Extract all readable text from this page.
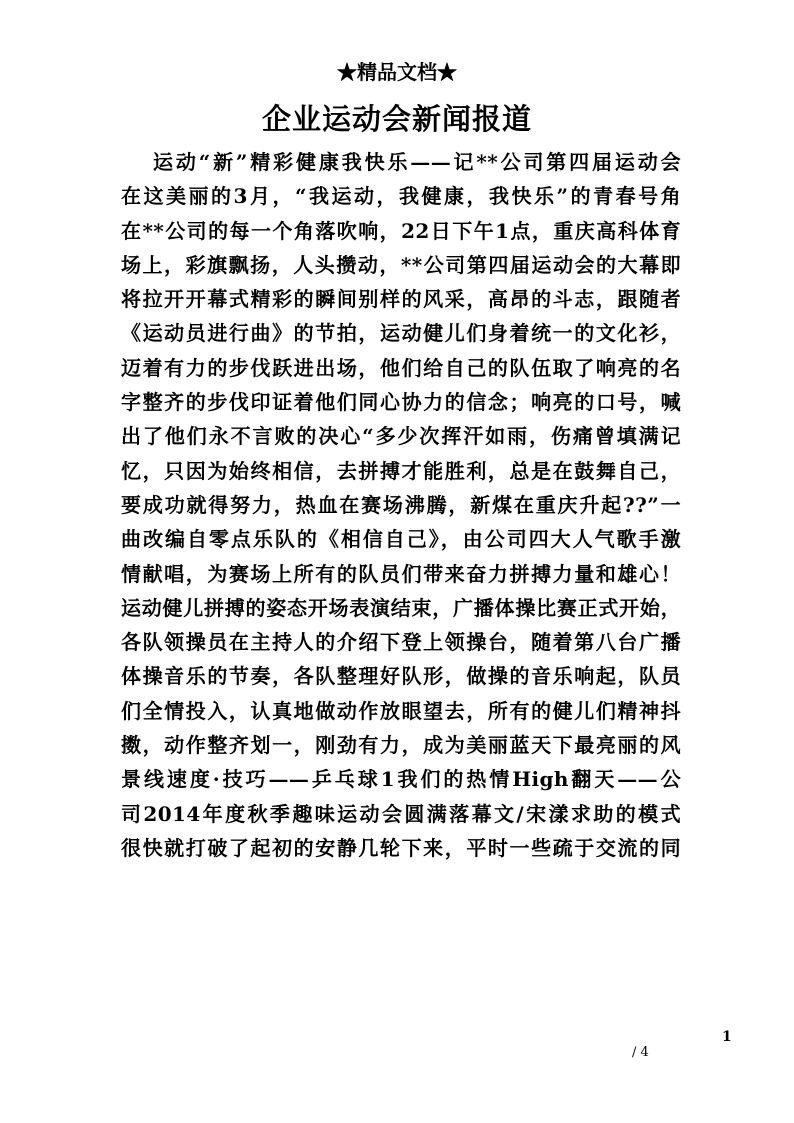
★精品文档★
企业运动会新闻报道
运动“新”精彩健康我快乐——记**公司第四届运动会
在这美丽的3月，“我运动，我健康，我快乐”的青春号角
在**公司的每一个角落吹响，22日下午1点，重庆高科体育
场上，彩旗飘扬，人头攒动，**公司第四届运动会的大幕即
将拉开开幕式精彩的瞬间别样的风采，高昂的斗志，跟随者
《运动员进行曲》的节拍，运动健儿们身着统一的文化衫，
迈着有力的步伐跃进出场，他们给自己的队伍取了响亮的名
字整齐的步伐印证着他们同心协力的信念；响亮的口号，喊
出了他们永不言败的决心“多少次挥汗如雨，伤痛曾填满记
忆，只因为始终相信，去拼搏才能胜利，总是在鼓舞自己，
要成功就得努力，热血在赛场沸腾，新煤在重庆升起??”一
曲改编自零点乐队的《相信自己》，由公司四大人气歌手激
情献唱，为赛场上所有的队员们带来奋力拼搏力量和雄心！
运动健儿拼搏的姿态开场表演结束，广播体操比赛正式开始，
各队领操员在主持人的介绍下登上领操台，随着第八台广播
体操音乐的节奏，各队整理好队形，做操的音乐响起，队员
们全情投入，认真地做动作放眼望去，所有的健儿们精神抖
擞，动作整齐划一，刚劲有力，成为美丽蓝天下最亮丽的风
景线速度·技巧——乒乓球1我们的热情High翻天——公
司2014年度秋季趣味运动会圆满落幕文/宋漾求助的模式
很快就打破了起初的安静几轮下来，平时一些疏于交流的同
1
/ 4
